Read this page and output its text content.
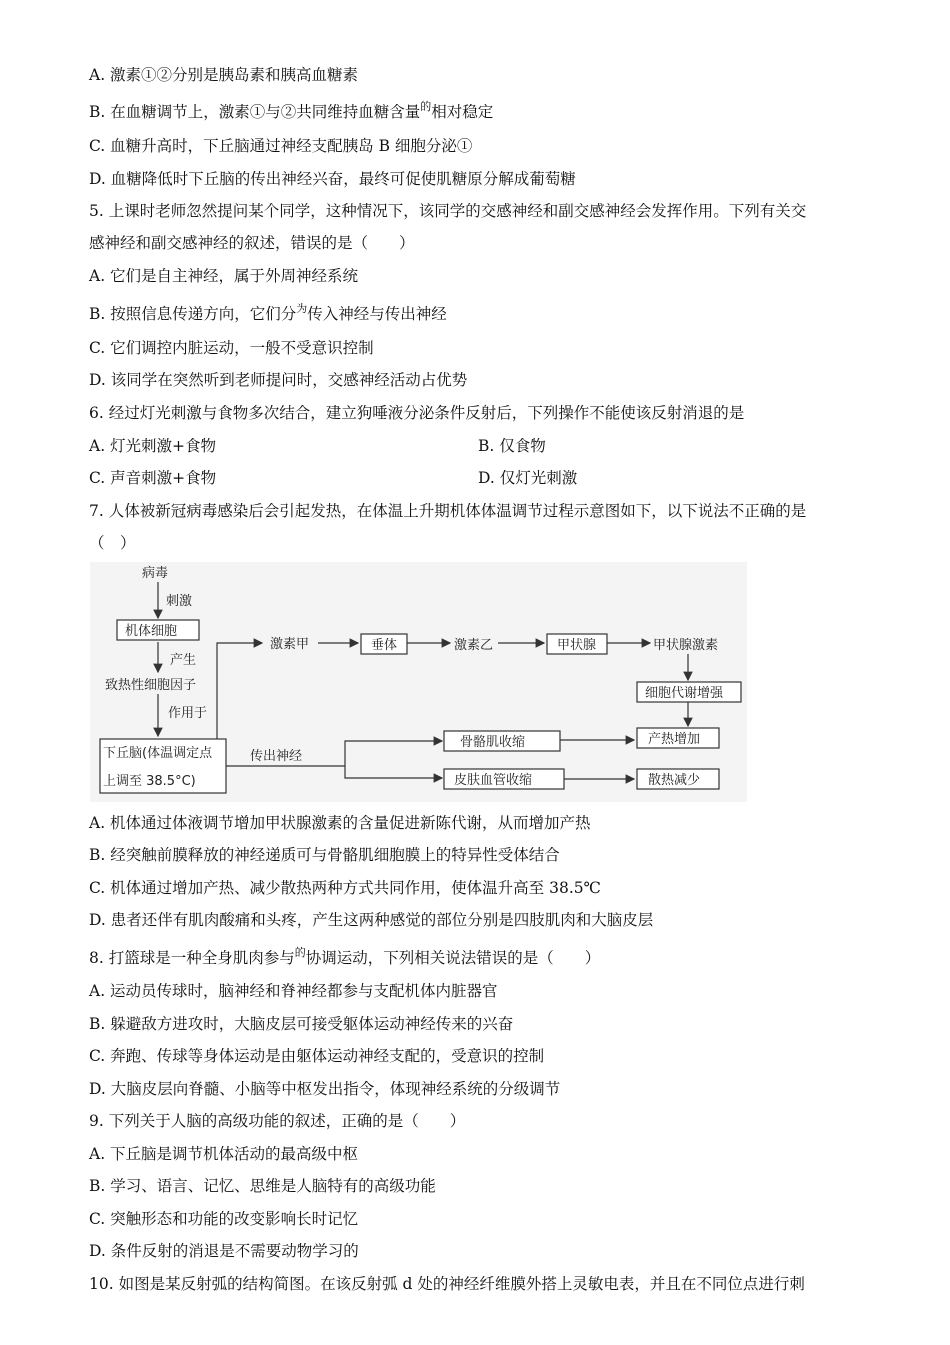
A. 激素①②分别是胰岛素和胰高血糖素
B. 在血糖调节上，激素①与②共同维持血糖含量$^的$相对稳定
C. 血糖升高时，下丘脑通过神经支配胰岛 B 细胞分泌①
D. 血糖降低时下丘脑的传出神经兴奋，最终可促使肌糖原分解成葡萄糖
5. 上课时老师忽然提问某个同学，这种情况下，该同学的交感神经和副交感神经会发挥作用。下列有关交
感神经和副交感神经的叙述，错误的是（　　）
A. 它们是自主神经，属于外周神经系统
B. 按照信息传递方向，它们分$^为$传入神经与传出神经
C. 它们调控内脏运动，一般不受意识控制
D. 该同学在突然听到老师提问时，交感神经活动占优势
6. 经过灯光刺激与食物多次结合，建立狗唾液分泌条件反射后，下列操作不能使该反射消退的是
A. 灯光刺激+食物	B. 仅食物
C. 声音刺激+食物	D. 仅灯光刺激
7. 人体被新冠病毒感染后会引起发热，在体温上升期机体体温调节过程示意图如下，以下说法不正确的是
（　）
病毒
刺激
机体细胞
产生
致热性细胞因子
作用于
下丘脑(体温调定点
上调至 38.5°C)
激素甲	垂体	激素乙	甲状腺	甲状腺激素
细胞代谢增强
传出神经
骨骼肌收缩
皮肤血管收缩
产热增加
散热减少
A. 机体通过体液调节增加甲状腺激素的含量促进新陈代谢，从而增加产热
B. 经突触前膜释放的神经递质可与骨骼肌细胞膜上的特异性受体结合
C. 机体通过增加产热、减少散热两种方式共同作用，使体温升高至 38.5℃
D. 患者还伴有肌肉酸痛和头疼，产生这两种感觉的部位分别是四肢肌肉和大脑皮层
8. 打篮球是一种全身肌肉参与$^的$协调运动，下列相关说法错误的是（　　）
A. 运动员传球时，脑神经和脊神经都参与支配机体内脏器官
B. 躲避敌方进攻时，大脑皮层可接受躯体运动神经传来的兴奋
C. 奔跑、传球等身体运动是由躯体运动神经支配的，受意识的控制
D. 大脑皮层向脊髓、小脑等中枢发出指令，体现神经系统的分级调节
9. 下列关于人脑的高级功能的叙述，正确的是（　　）
A. 下丘脑是调节机体活动的最高级中枢
B. 学习、语言、记忆、思维是人脑特有的高级功能
C. 突触形态和功能的改变影响长时记忆
D. 条件反射的消退是不需要动物学习的
10. 如图是某反射弧的结构简图。在该反射弧 d 处的神经纤维膜外搭上灵敏电表，并且在不同位点进行刺
